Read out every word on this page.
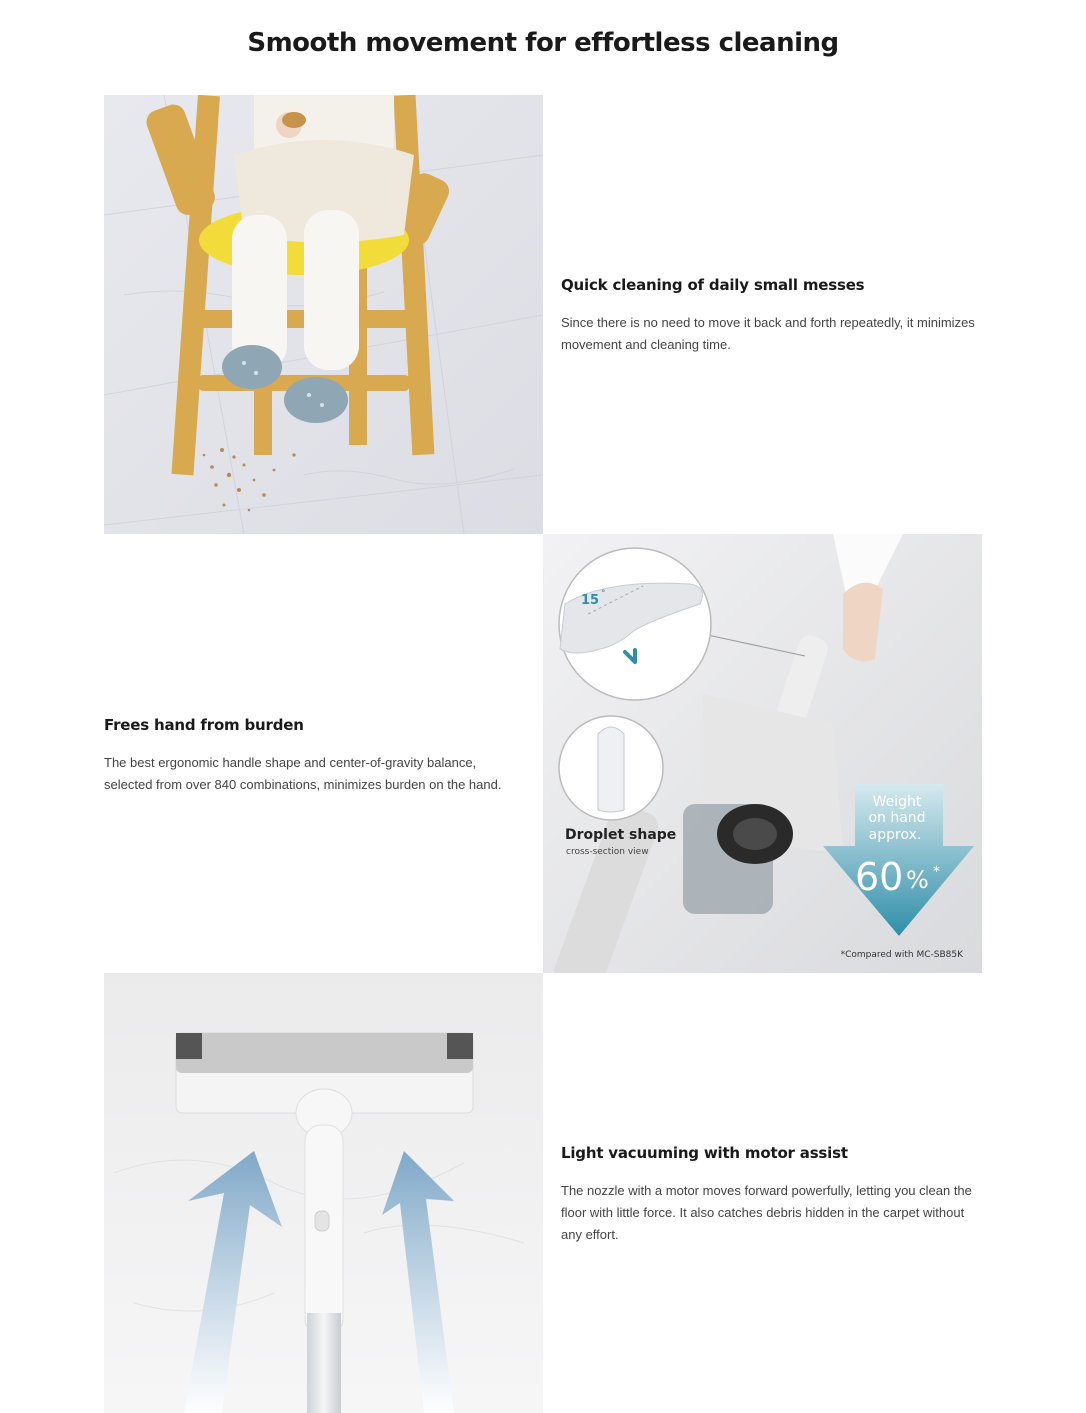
Smooth movement for effortless cleaning
Quick cleaning of daily small messes

Since there is no need to move it back and forth repeatedly, it minimizes movement and cleaning time.

Frees hand from burden

The best ergonomic handle shape and center-of-gravity balance, selected from over 840 combinations, minimizes burden on the hand.

15 °
Droplet shape
cross-section view
Weight
on hand
approx.
60 % *
*Compared with MC-SB85K
Light vacuuming with motor assist

The nozzle with a motor moves forward powerfully, letting you clean the floor with little force. It also catches debris hidden in the carpet without any effort.
